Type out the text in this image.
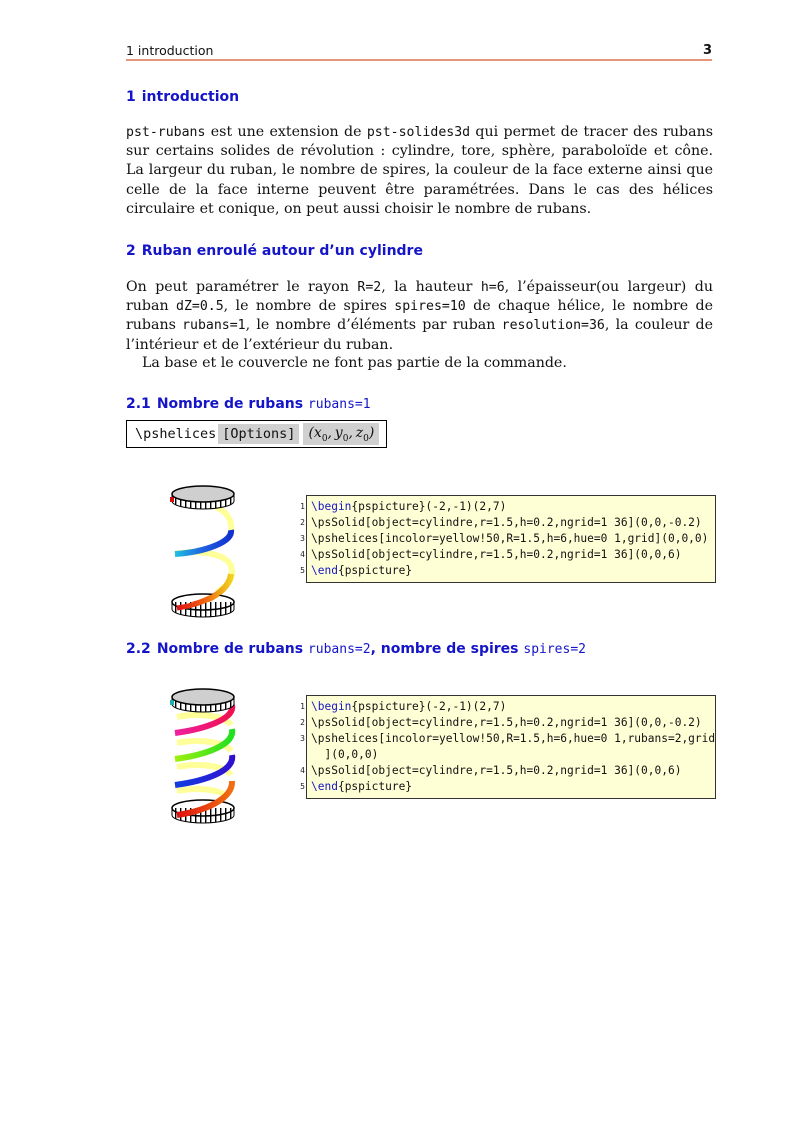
1 introduction	3
1 introduction

pst-rubans est une extension de pst-solides3d qui permet de tracer des rubans sur certains solides de révolution : cylindre, tore, sphère, paraboloïde et cône. La largeur du ruban, le nombre de spires, la couleur de la face externe ainsi que celle de la face interne peuvent être paramétrées. Dans le cas des hélices circulaire et conique, on peut aussi choisir le nombre de rubans.

2 Ruban enroulé autour d’un cylindre

On peut paramétrer le rayon R=2, la hauteur h=6, l’épaisseur(ou largeur) du ruban dZ=0.5, le nombre de spires spires=10 de chaque hélice, le nombre de rubans rubans=1, le nombre d’éléments par ruban resolution=36, la couleur de l’intérieur et de l’extérieur du ruban.

La base et le couvercle ne font pas partie de la commande.

2.1 Nombre de rubans rubans=1
\pshelices [Options] ($x_0$, $y_0$, $z_0$)
1 \begin{pspicture}(-2,-1)(2,7)
2 \psSolid[object=cylindre,r=1.5,h=0.2,ngrid=1 36](0,0,-0.2)
3 \pshelices[incolor=yellow!50,R=1.5,h=6,hue=0 1,grid](0,0,0)
4 \psSolid[object=cylindre,r=1.5,h=0.2,ngrid=1 36](0,0,6)
5 \end{pspicture}
2.2 Nombre de rubans rubans=2, nombre de spires spires=2
1 \begin{pspicture}(-2,-1)(2,7)
2 \psSolid[object=cylindre,r=1.5,h=0.2,ngrid=1 36](0,0,-0.2)
3 \pshelices[incolor=yellow!50,R=1.5,h=6,hue=0 1,rubans=2,grid
](0,0,0)
4 \psSolid[object=cylindre,r=1.5,h=0.2,ngrid=1 36](0,0,6)
5 \end{pspicture}
